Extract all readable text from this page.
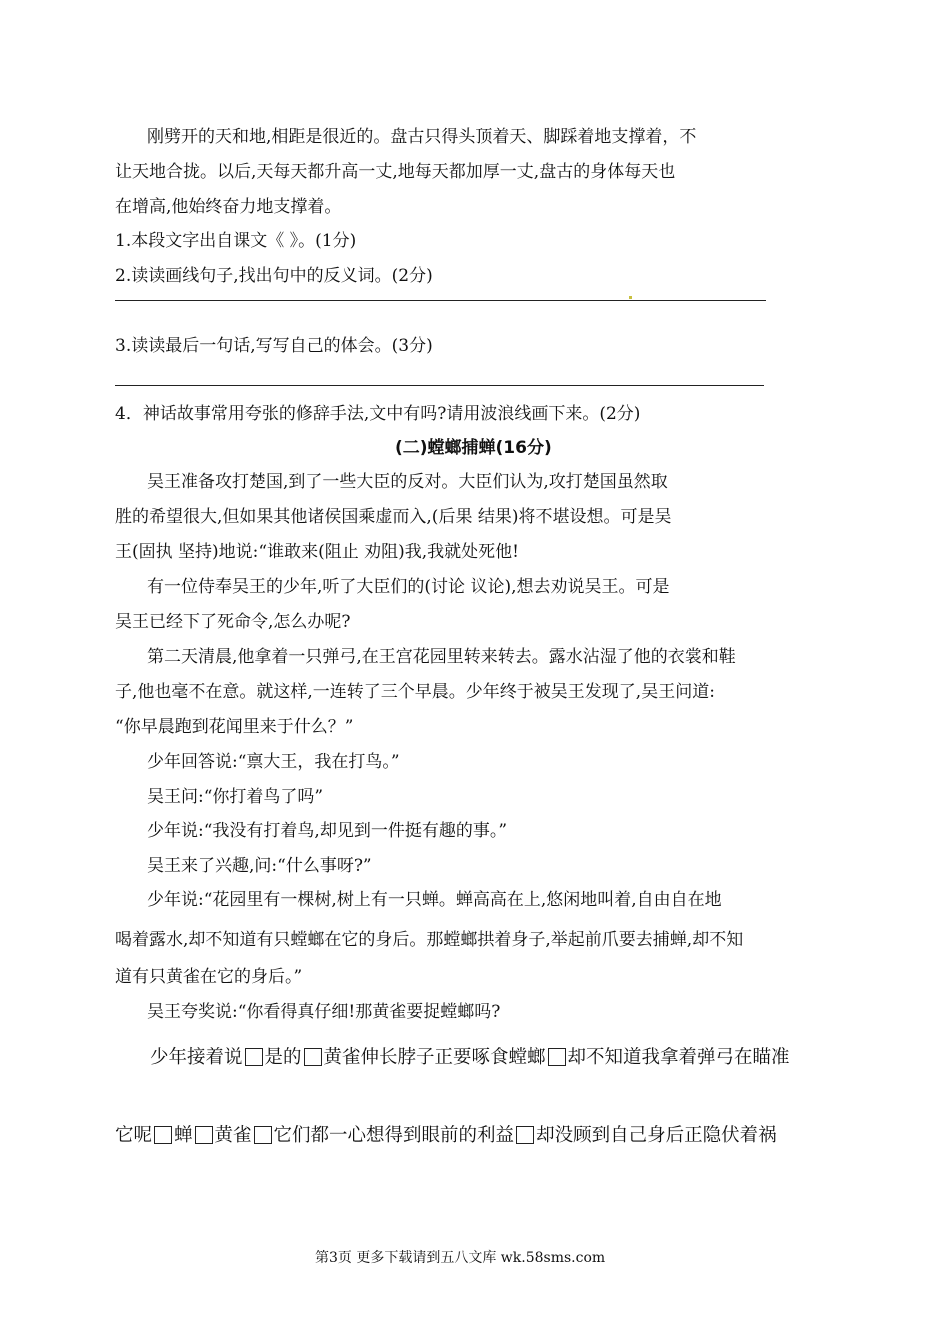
刚劈开的天和地,相距是很近的。盘古只得头顶着天、脚踩着地支撑着，不
让天地合拢。以后,天每天都升高一丈,地每天都加厚一丈,盘古的身体每天也
在增高,他始终奋力地支撑着。
1.本段文字出自课文《 》。(1分)
2.读读画线句子,找出句中的反义词。(2分)
3.读读最后一句话,写写自己的体会。(3分)
4．神话故事常用夸张的修辞手法,文中有吗?请用波浪线画下来。(2分)
(二)螳螂捕蝉(16分)
吴王准备攻打楚国,到了一些大臣的反对。大臣们认为,攻打楚国虽然取
胜的希望很大,但如果其他诸侯国乘虚而入,(后果 结果)将不堪设想。可是吴
王(固执 坚持)地说:“谁敢来(阻止 劝阻)我,我就处死他!
有一位侍奉吴王的少年,听了大臣们的(讨论 议论),想去劝说吴王。可是
吴王已经下了死命令,怎么办呢?
第二天清晨,他拿着一只弹弓,在王宫花园里转来转去。露水沾湿了他的衣裳和鞋
子,他也毫不在意。就这样,一连转了三个早晨。少年终于被吴王发现了,吴王问道:
“你早晨跑到花闻里来于什么？”
少年回答说:“禀大王，我在打鸟。”
吴王问:“你打着鸟了吗”
少年说:“我没有打着鸟,却见到一件挺有趣的事。”
吴王来了兴趣,问:“什么事呀?”
少年说:“花园里有一棵树,树上有一只蝉。蝉高高在上,悠闲地叫着,自由自在地
喝着露水,却不知道有只螳螂在它的身后。那螳螂拱着身子,举起前爪要去捕蝉,却不知
道有只黄雀在它的身后。”
吴王夸奖说:“你看得真仔细!那黄雀要捉螳螂吗?
少年接着说 是的 黄雀伸长脖子正要啄食螳螂 却不知道我拿着弹弓在瞄准
它呢 蝉 黄雀 它们都一心想得到眼前的利益 却没顾到自己身后正隐伏着祸
第3页 更多下载请到五八文库 wk.58sms.com
